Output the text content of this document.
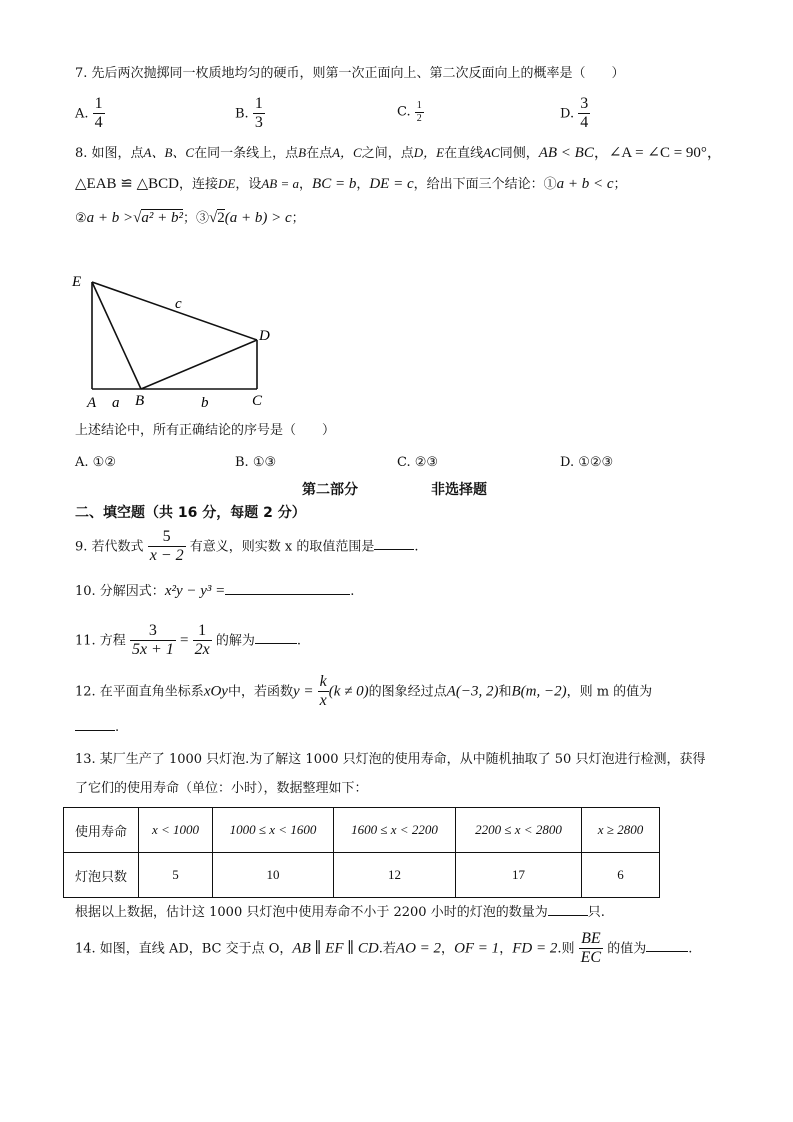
7. 先后两次抛掷同一枚质地均匀的硬币，则第一次正面向上、第二次反面向上的概率是（　　）
A. $\frac{1}{4}$	B. $\frac{1}{3}$	C. $\frac{1}{2}$	D. $\frac{3}{4}$
8. 如图，点A、B、C在同一条线上，点B在点A，C之间，点D，E在直线AC同侧，AB < BC，∠A = ∠C = 90°，
△EAB ≌ △BCD，连接DE，设AB = a，BC = b，DE = c，给出下面三个结论：①a + b < c；
②a + b >√a² + b²；③√2(a + b) > c；
E
c
D
A a B	b	C
上述结论中，所有正确结论的序号是（　　）
A. ①②	B. ①③	C. ②③	D. ①②③
第二部分	非选择题
二、填空题（共 16 分，每题 2 分）
9. 若代数式 $\frac{5}{x - 2}$ 有意义，则实数 x 的取值范围是	.
10. 分解因式：x²y − y³ =	.
11. 方程 $\frac{3}{5x + 1} = \frac{1}{2x}$ 的解为	.
12. 在平面直角坐标系xOy中，若函数$y = \frac{k}{x} (k \ne 0)$的图象经过点A(−3, 2)和B(m, −2)，则 m 的值为
.
13. 某厂生产了 1000 只灯泡.为了解这 1000 只灯泡的使用寿命，从中随机抽取了 50 只灯泡进行检测，获得
了它们的使用寿命（单位：小时），数据整理如下：
使用寿命	x < 1000	1000 ≤ x < 1600	1600 ≤ x < 2200	2200 ≤ x < 2800	x ≥ 2800
灯泡只数	5	10	12	17	6
根据以上数据，估计这 1000 只灯泡中使用寿命不小于 2200 小时的灯泡的数量为	只.
14. 如图，直线 AD，BC 交于点 O，AB ∥ EF ∥ CD.若AO = 2，OF = 1，FD = 2.则 $\frac{BE}{EC}$ 的值为	.
